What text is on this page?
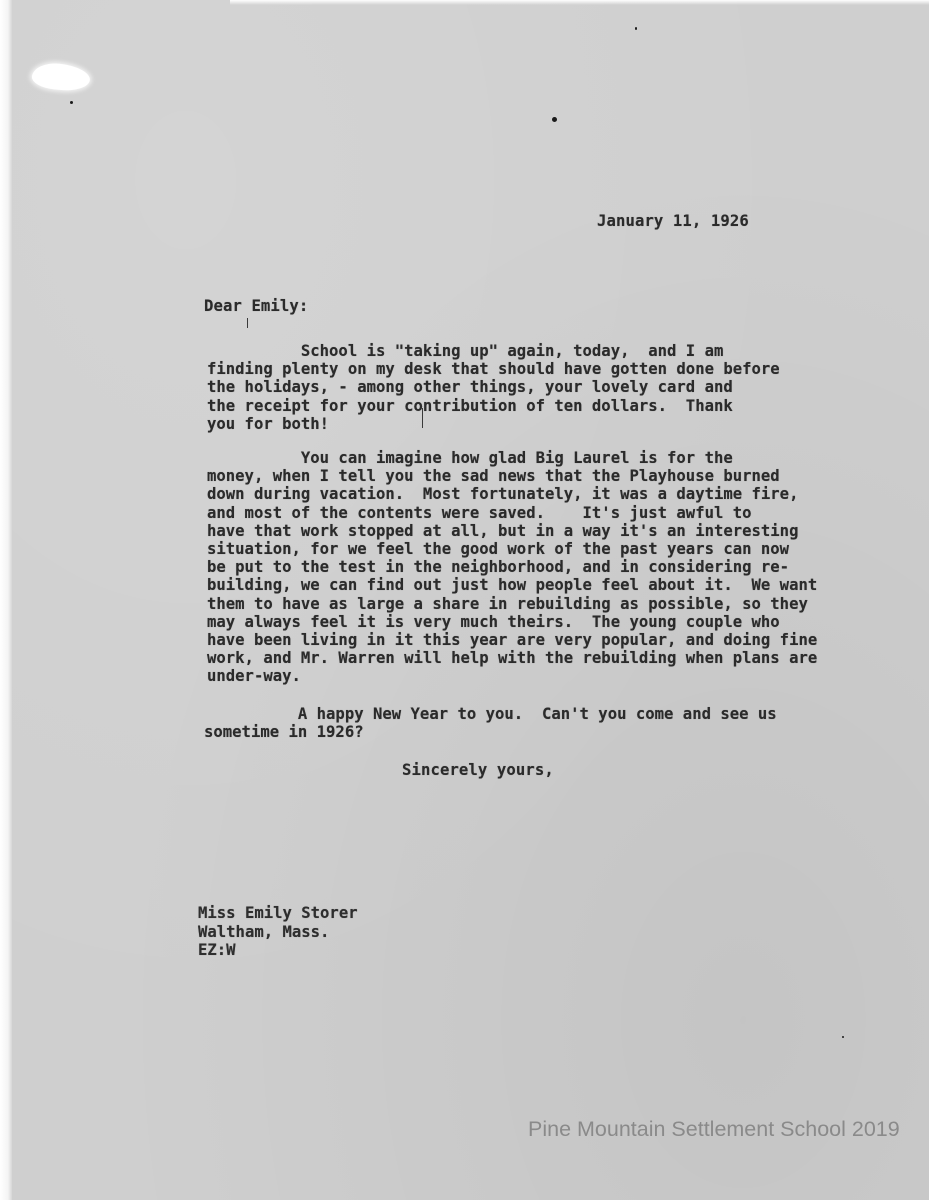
January 11, 1926
Dear Emily:
School is "taking up" again, today,  and I am
finding plenty on my desk that should have gotten done before
the holidays, - among other things, your lovely card and
the receipt for your contribution of ten dollars.  Thank
you for both!
You can imagine how glad Big Laurel is for the
money, when I tell you the sad news that the Playhouse burned
down during vacation.  Most fortunately, it was a daytime fire,
and most of the contents were saved.    It's just awful to
have that work stopped at all, but in a way it's an interesting
situation, for we feel the good work of the past years can now
be put to the test in the neighborhood, and in considering re-
building, we can find out just how people feel about it.  We want
them to have as large a share in rebuilding as possible, so they
may always feel it is very much theirs.  The young couple who
have been living in it this year are very popular, and doing fine
work, and Mr. Warren will help with the rebuilding when plans are
under-way.
A happy New Year to you.  Can't you come and see us
sometime in 1926?
Sincerely yours,
Miss Emily Storer
Waltham, Mass.
EZ:W
Pine Mountain Settlement School 2019
